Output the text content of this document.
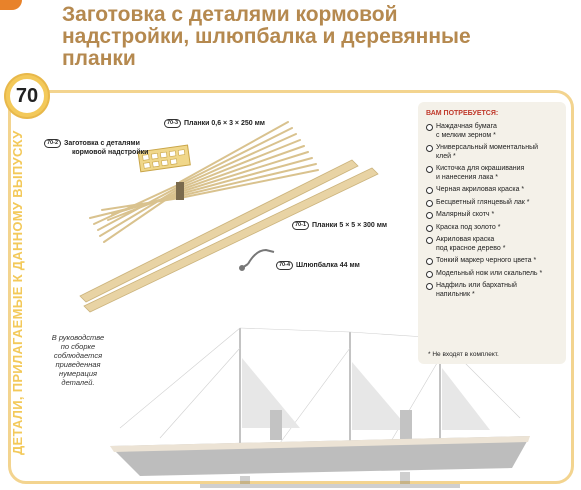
Заготовка с деталями кормовой
надстройки, шлюпбалка и деревянные
планки
70
ДЕТАЛИ, ПРИЛАГАЕМЫЕ К ДАННОМУ ВЫПУСКУ
70-3 Планки 0,6 × 3 × 250 мм
70-2 Заготовка с деталями
кормовой надстройки
70-1 Планки 5 × 5 × 300 мм
70-4 Шлюпбалка 44 мм
В руководстве
по сборке
соблюдается
приведенная
нумерация
деталей.
ВАМ ПОТРЕБУЕТСЯ:
Наждачная бумага
с мелким зерном *
Универсальный моментальный
клей *
Кисточка для окрашивания
и нанесения лака *
Черная акриловая краска *
Бесцветный глянцевый лак *
Малярный скотч *
Краска под золото *
Акриловая краска
под красное дерево *
Тонкий маркер черного цвета *
Модельный нож или скальпель *
Надфиль или бархатный
напильник *
* Не входят в комплект.
